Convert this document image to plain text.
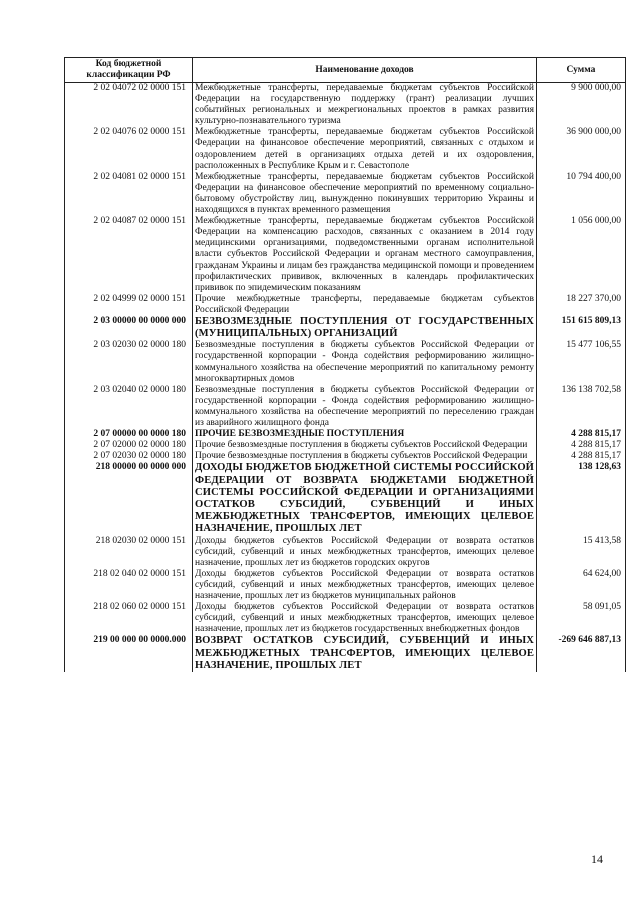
Код бюджетной классификации РФ	Наименование доходов	Сумма
2 02 04072 02 0000 151	Межбюджетные трансферты, передаваемые бюджетам субъектов Российской Федерации на государственную поддержку (грант) реализации лучших событийных региональных и межрегиональных проектов в рамках развития культурно-познавательного туризма	9 900 000,00
2 02 04076 02 0000 151	Межбюджетные трансферты, передаваемые бюджетам субъектов Российской Федерации на финансовое обеспечение мероприятий, связанных с отдыхом и оздоровлением детей в организациях отдыха детей и их оздоровления, расположенных в Республике Крым и г. Севастополе	36 900 000,00
2 02 04081 02 0000 151	Межбюджетные трансферты, передаваемые бюджетам субъектов Российской Федерации на финансовое обеспечение мероприятий по временному социально-бытовому обустройству лиц, вынужденно покинувших территорию Украины и находящихся в пунктах временного размещения	10 794 400,00
2 02 04087 02 0000 151	Межбюджетные трансферты, передаваемые бюджетам субъектов Российской Федерации на компенсацию расходов, связанных с оказанием в 2014 году медицинскими организациями, подведомственными органам исполнительной власти субъектов Российской Федерации и органам местного самоуправления, гражданам Украины и лицам без гражданства медицинской помощи и проведением профилактических прививок, включенных в календарь профилактических прививок по эпидемическим показаниям	1 056 000,00
2 02 04999 02 0000 151	Прочие межбюджетные трансферты, передаваемые бюджетам субъектов Российской Федерации	18 227 370,00
2 03 00000 00 0000 000	БЕЗВОЗМЕЗДНЫЕ ПОСТУПЛЕНИЯ ОТ ГОСУДАРСТВЕННЫХ (МУНИЦИПАЛЬНЫХ) ОРГАНИЗАЦИЙ	151 615 809,13
2 03 02030 02 0000 180	Безвозмездные поступления в бюджеты субъектов Российской Федерации от государственной корпорации - Фонда содействия реформированию жилищно-коммунального хозяйства на обеспечение мероприятий по капитальному ремонту многоквартирных домов	15 477 106,55
2 03 02040 02 0000 180	Безвозмездные поступления в бюджеты субъектов Российской Федерации от государственной корпорации - Фонда содействия реформированию жилищно-коммунального хозяйства на обеспечение мероприятий по переселению граждан из аварийного жилищного фонда	136 138 702,58
2 07 00000 00 0000 180	ПРОЧИЕ БЕЗВОЗМЕЗДНЫЕ ПОСТУПЛЕНИЯ	4 288 815,17
2 07 02000 02 0000 180	Прочие безвозмездные поступления в бюджеты субъектов Российской Федерации	4 288 815,17
2 07 02030 02 0000 180	Прочие безвозмездные поступления в бюджеты субъектов Российской Федерации	4 288 815,17
218 00000 00 0000 000	ДОХОДЫ БЮДЖЕТОВ БЮДЖЕТНОЙ СИСТЕМЫ РОССИЙСКОЙ ФЕДЕРАЦИИ ОТ ВОЗВРАТА БЮДЖЕТАМИ БЮДЖЕТНОЙ СИСТЕМЫ РОССИЙСКОЙ ФЕДЕРАЦИИ И ОРГАНИЗАЦИЯМИ ОСТАТКОВ СУБСИДИЙ, СУБВЕНЦИЙ И ИНЫХ МЕЖБЮДЖЕТНЫХ ТРАНСФЕРТОВ, ИМЕЮЩИХ ЦЕЛЕВОЕ НАЗНАЧЕНИЕ, ПРОШЛЫХ ЛЕТ	138 128,63
218 02030 02 0000 151	Доходы бюджетов субъектов Российской Федерации от возврата остатков субсидий, субвенций и иных межбюджетных трансфертов, имеющих целевое назначение, прошлых лет из бюджетов городских округов	15 413,58
218 02 040 02 0000 151	Доходы бюджетов субъектов Российской Федерации от возврата остатков субсидий, субвенций и иных межбюджетных трансфертов, имеющих целевое назначение, прошлых лет из бюджетов муниципальных районов	64 624,00
218 02 060 02 0000 151	Доходы бюджетов субъектов Российской Федерации от возврата остатков субсидий, субвенций и иных межбюджетных трансфертов, имеющих целевое назначение, прошлых лет из бюджетов государственных внебюджетных фондов	58 091,05
219 00 000 00 0000.000	ВОЗВРАТ ОСТАТКОВ СУБСИДИЙ, СУБВЕНЦИЙ И ИНЫХ МЕЖБЮДЖЕТНЫХ ТРАНСФЕРТОВ, ИМЕЮЩИХ ЦЕЛЕВОЕ НАЗНАЧЕНИЕ, ПРОШЛЫХ ЛЕТ	-269 646 887,13
14
